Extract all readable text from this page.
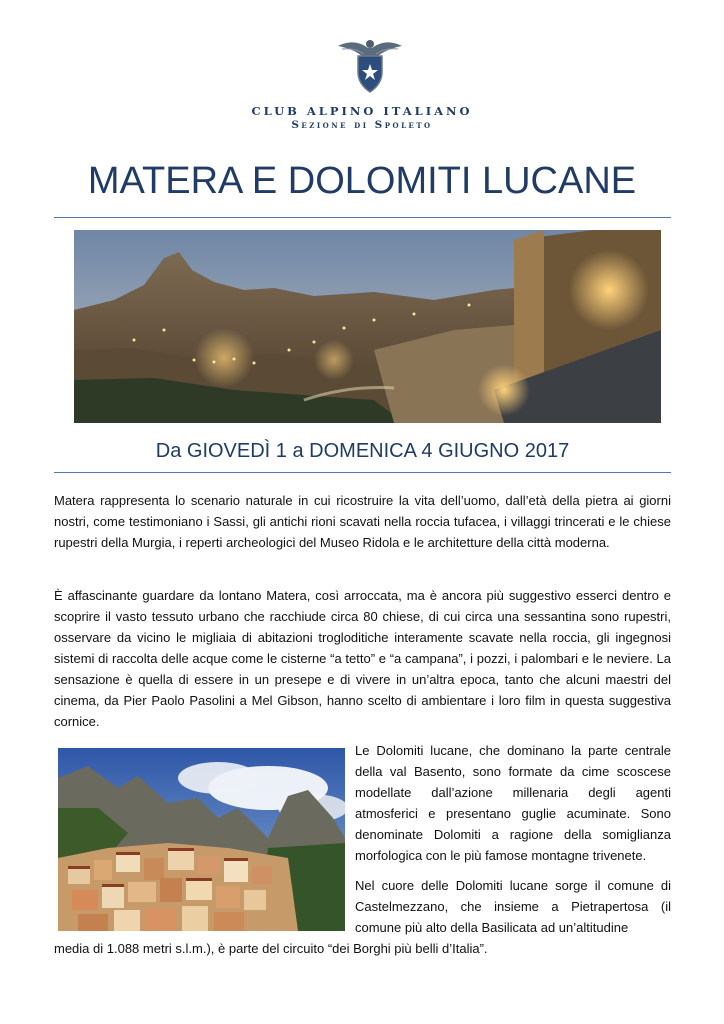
CLUB ALPINO ITALIANO
Sezione di Spoleto
MATERA E DOLOMITI LUCANE
Da GIOVEDÌ 1 a DOMENICA 4 GIUGNO 2017

Matera rappresenta lo scenario naturale in cui ricostruire la vita dell’uomo, dall’età della pietra ai giorni nostri, come testimoniano i Sassi, gli antichi rioni scavati nella roccia tufacea, i villaggi trincerati e le chiese rupestri della Murgia, i reperti archeologici del Museo Ridola e le architetture della città moderna.

È affascinante guardare da lontano Matera, così arroccata, ma è ancora più suggestivo esserci dentro e scoprire il vasto tessuto urbano che racchiude circa 80 chiese, di cui circa una sessantina sono rupestri, osservare da vicino le migliaia di abitazioni trogloditiche interamente scavate nella roccia, gli ingegnosi sistemi di raccolta delle acque come le cisterne “a tetto” e “a campana”, i pozzi, i palombari e le neviere. La sensazione è quella di essere in un presepe e di vivere in un’altra epoca, tanto che alcuni maestri del cinema, da Pier Paolo Pasolini a Mel Gibson, hanno scelto di ambientare i loro film in questa suggestiva cornice.

Le Dolomiti lucane, che dominano la parte centrale della val Basento, sono formate da cime scoscese modellate dall’azione millenaria degli agenti atmosferici e presentano guglie acuminate. Sono denominate Dolomiti a ragione della somiglianza morfologica con le più famose montagne trivenete.

Nel cuore delle Dolomiti lucane sorge il comune di Castelmezzano, che insieme a Pietrapertosa (il comune più alto della Basilicata ad un’altitudine

media di 1.088 metri s.l.m.), è parte del circuito “dei Borghi più belli d’Italia”.
